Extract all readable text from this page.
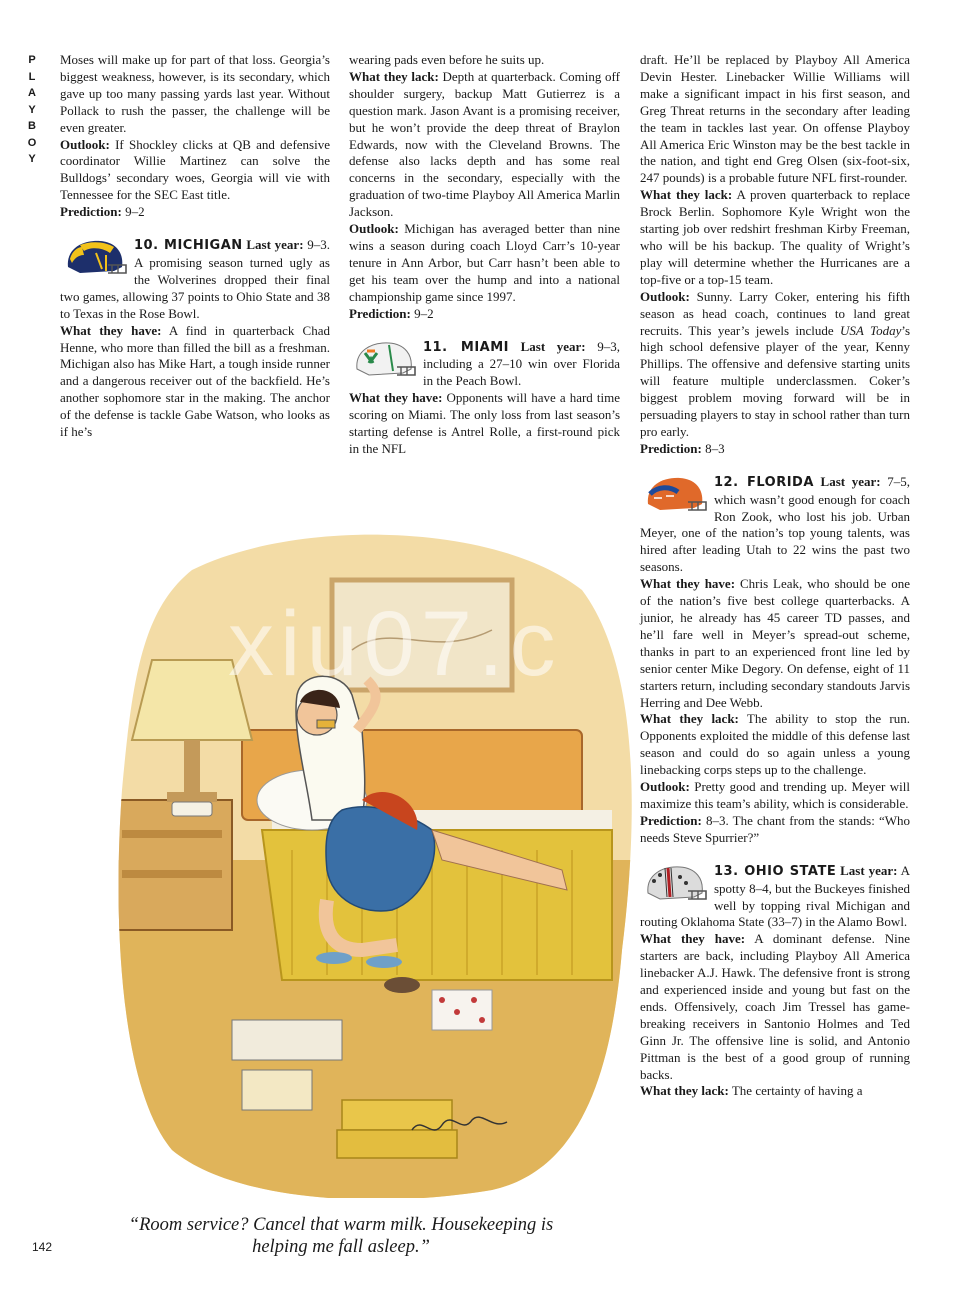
P
L
A
Y
B
O
Y

Moses will make up for part of that loss. Georgia’s biggest weakness, however, is its secondary, which gave up too many passing yards last year. Without Pollack to rush the passer, the challenge will be even greater.

Outlook: If Shockley clicks at QB and defensive coordinator Willie Martinez can solve the Bulldogs’ secondary woes, Georgia will vie with Tennessee for the SEC East title.

Prediction: 9–2

10. MICHIGAN Last year: 9–3. A promising season turned ugly as the Wolverines dropped their final two games, allowing 37 points to Ohio State and 38 to Texas in the Rose Bowl.

What they have: A find in quarterback Chad Henne, who more than filled the bill as a freshman. Michigan also has Mike Hart, a tough inside runner and a dangerous receiver out of the backfield. He’s another sophomore star in the making. The anchor of the defense is tackle Gabe Watson, who looks as if he’s

wearing pads even before he suits up.

What they lack: Depth at quarterback. Coming off shoulder surgery, backup Matt Gutierrez is a question mark. Jason Avant is a promising receiver, but he won’t provide the deep threat of Braylon Edwards, now with the Cleveland Browns. The defense also lacks depth and has some real concerns in the secondary, especially with the graduation of two-time Playboy All America Marlin Jackson.

Outlook: Michigan has averaged better than nine wins a season during coach Lloyd Carr’s 10-year tenure in Ann Arbor, but Carr hasn’t been able to get his team over the hump and into a national championship game since 1997.

Prediction: 9–2

11. MIAMI Last year: 9–3, including a 27–10 win over Florida in the Peach Bowl.

What they have: Opponents will have a hard time scoring on Miami. The only loss from last season’s starting defense is Antrel Rolle, a first-round pick in the NFL

draft. He’ll be replaced by Playboy All America Devin Hester. Linebacker Willie Williams will make a significant impact in his first season, and Greg Threat returns in the secondary after leading the team in tackles last year. On offense Playboy All America Eric Winston may be the best tackle in the nation, and tight end Greg Olsen (six-foot-six, 247 pounds) is a probable future NFL first-rounder.

What they lack: A proven quarterback to replace Brock Berlin. Sophomore Kyle Wright won the starting job over redshirt freshman Kirby Freeman, who will be his backup. The quality of Wright’s play will determine whether the Hurricanes are a top-five or a top-15 team.

Outlook: Sunny. Larry Coker, entering his fifth season as head coach, continues to land great recruits. This year’s jewels include USA Today’s high school defensive player of the year, Kenny Phillips. The offensive and defensive starting units will feature multiple underclassmen. Coker’s biggest problem moving forward will be in persuading players to stay in school rather than turn pro early.

Prediction: 8–3

12. FLORIDA Last year: 7–5, which wasn’t good enough for coach Ron Zook, who lost his job. Urban Meyer, one of the nation’s top young talents, was hired after leading Utah to 22 wins the past two seasons.

What they have: Chris Leak, who should be one of the nation’s five best college quarterbacks. A junior, he already has 45 career TD passes, and he’ll fare well in Meyer’s spread-out scheme, thanks in part to an experienced front line led by senior center Mike Degory. On defense, eight of 11 starters return, including secondary standouts Jarvis Herring and Dee Webb.

What they lack: The ability to stop the run. Opponents exploited the middle of this defense last season and could do so again unless a young linebacking corps steps up to the challenge.

Outlook: Pretty good and trending up. Meyer will maximize this team’s ability, which is considerable.

Prediction: 8–3. The chant from the stands: “Who needs Steve Spurrier?”

13. OHIO STATE Last year: A spotty 8–4, but the Buckeyes finished well by topping rival Michigan and routing Oklahoma State (33–7) in the Alamo Bowl.

What they have: A dominant defense. Nine starters are back, including Playboy All America linebacker A.J. Hawk. The defensive front is strong and experienced inside and young but fast on the ends. Offensively, coach Jim Tressel has game-breaking receivers in Santonio Holmes and Ted Ginn Jr. The offensive line is solid, and Antonio Pittman is the best of a good group of running backs.

What they lack: The certainty of having a

xiu07.c
“Room service? Cancel that warm milk. Housekeeping is helping me fall asleep.”
142
